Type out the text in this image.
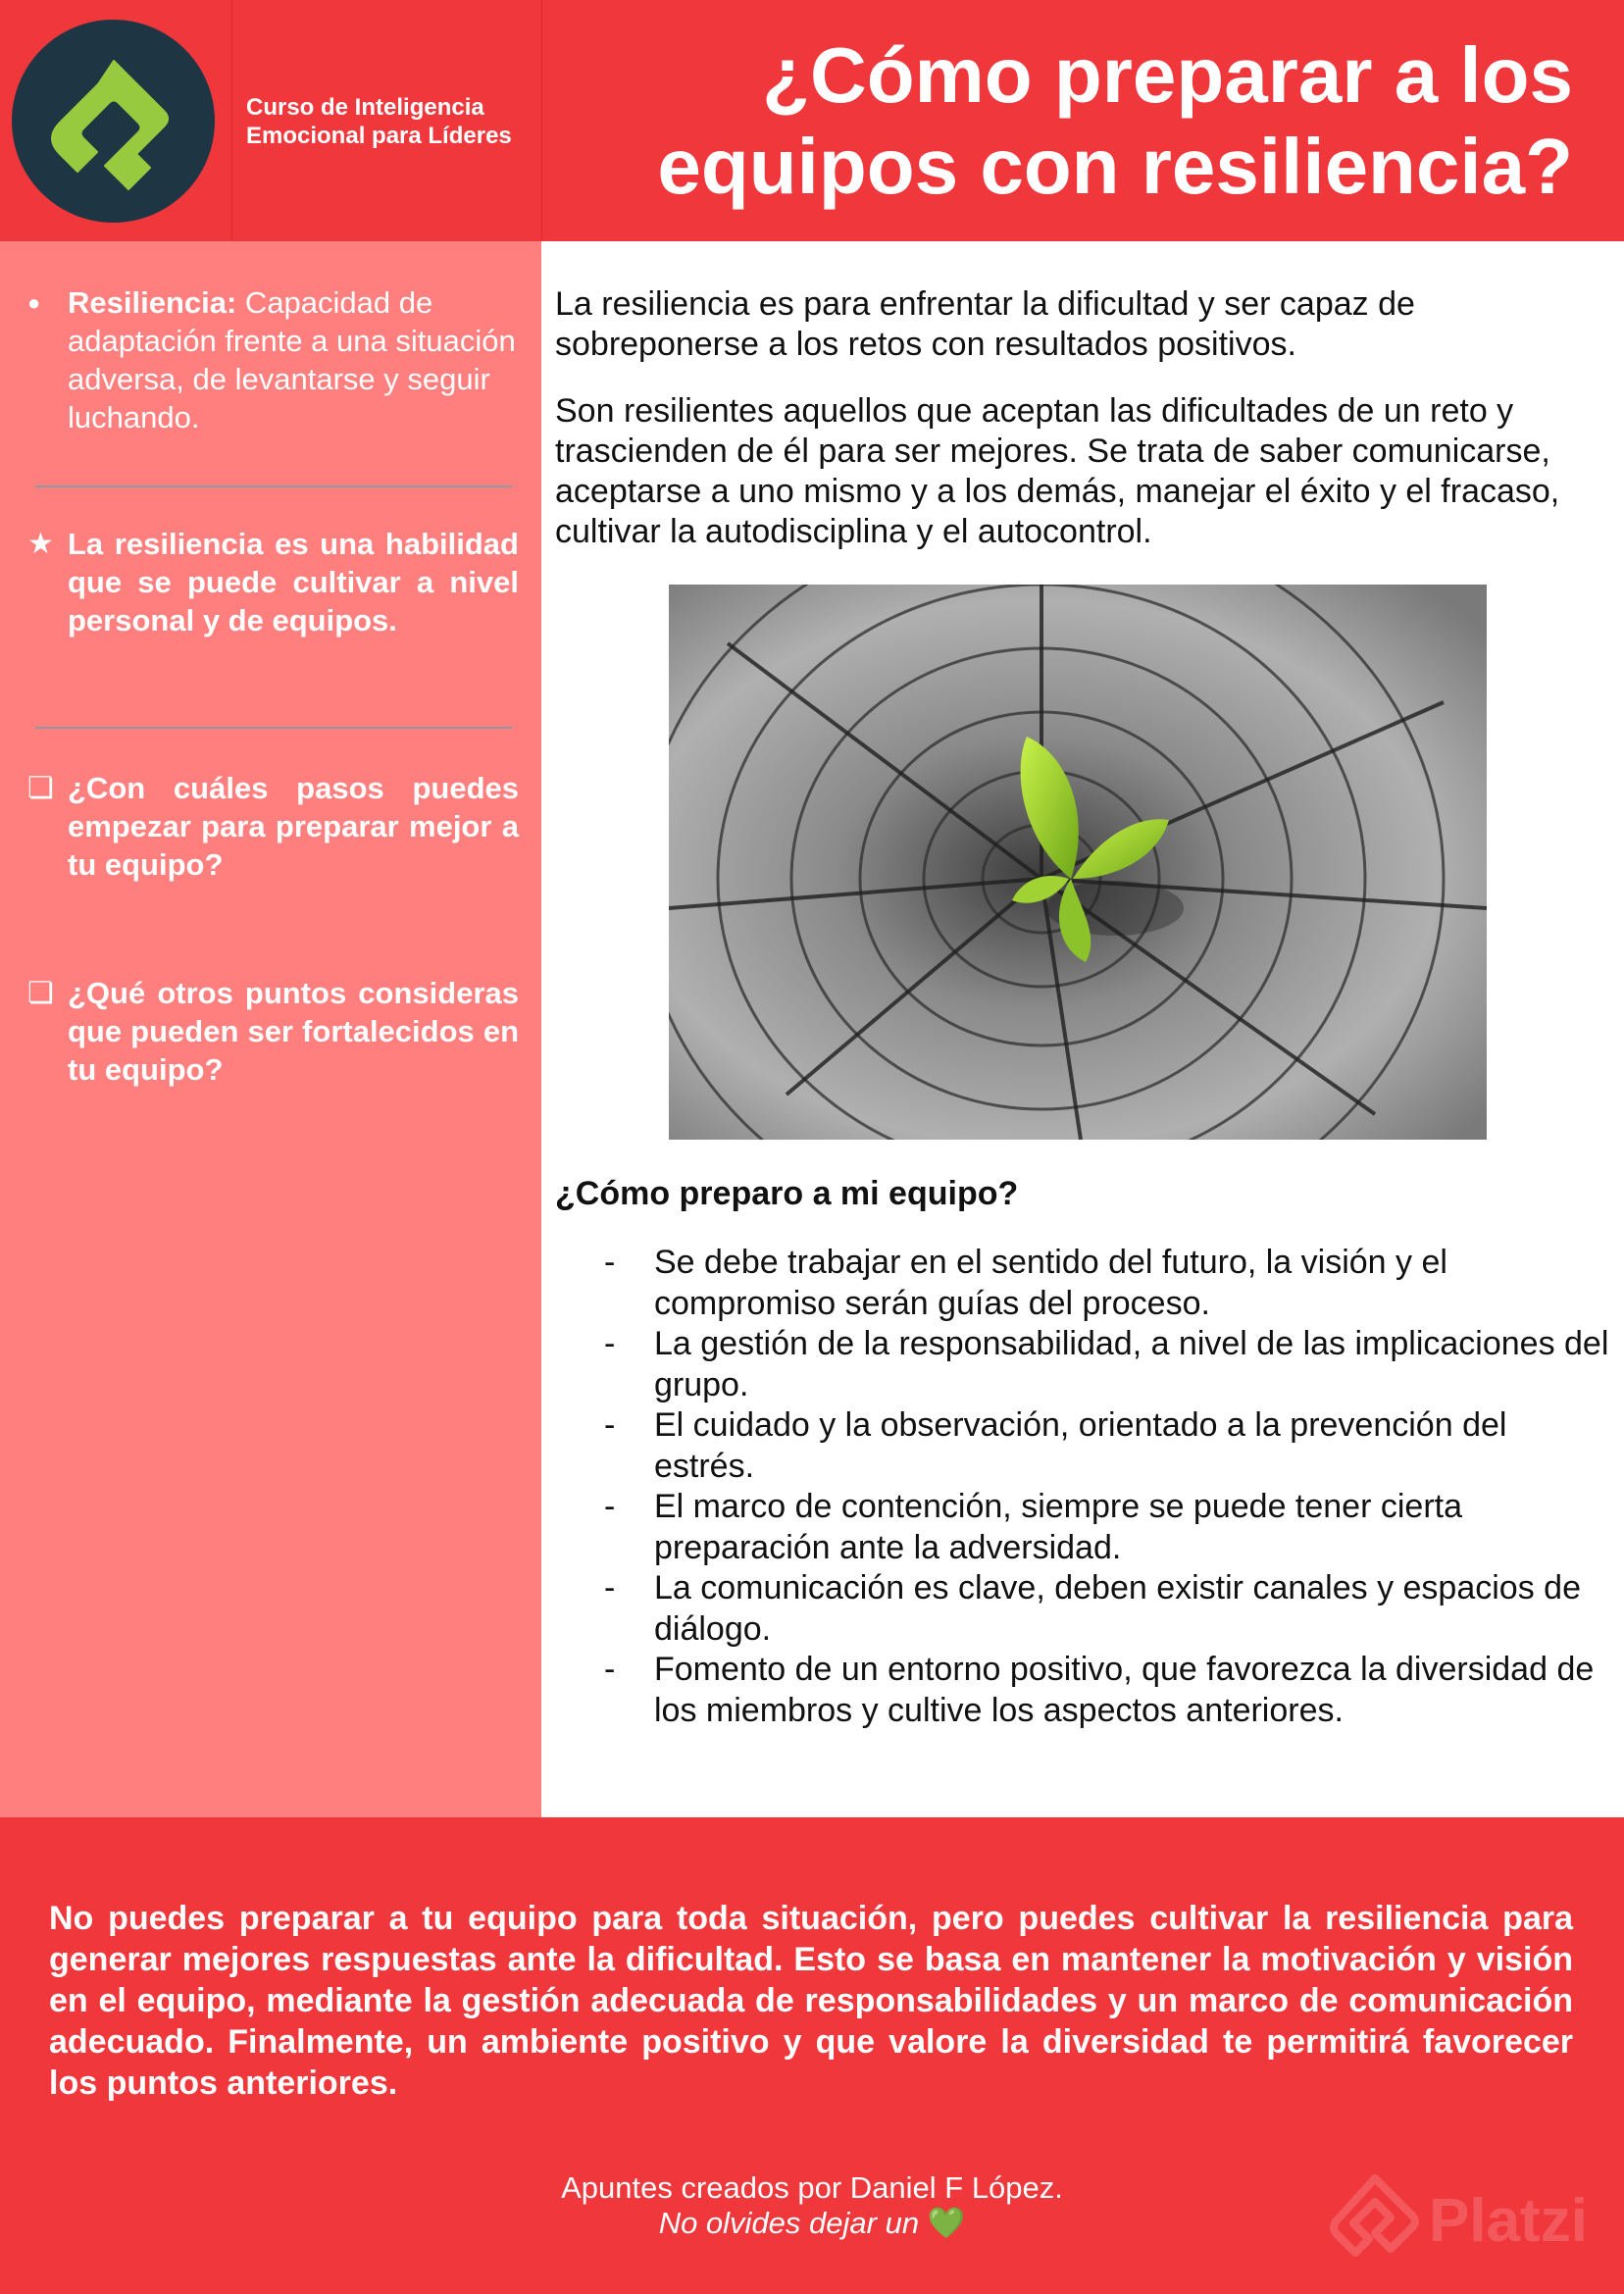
Curso de Inteligencia Emocional para Líderes
¿Cómo preparar a los equipos con resiliencia?
● Resiliencia: Capacidad de adaptación frente a una situación adversa, de levantarse y seguir luchando.
★ La resiliencia es una habilidad que se puede cultivar a nivel personal y de equipos.
❏ ¿Con cuáles pasos puedes empezar para preparar mejor a tu equipo?
❏ ¿Qué otros puntos consideras que pueden ser fortalecidos en tu equipo?

La resiliencia es para enfrentar la dificultad y ser capaz de sobreponerse a los retos con resultados positivos.

Son resilientes aquellos que aceptan las dificultades de un reto y trascienden de él para ser mejores. Se trata de saber comunicarse, aceptarse a uno mismo y a los demás, manejar el éxito y el fracaso, cultivar la autodisciplina y el autocontrol.

¿Cómo preparo a mi equipo?
- Se debe trabajar en el sentido del futuro, la visión y el compromiso serán guías del proceso.
- La gestión de la responsabilidad, a nivel de las implicaciones del grupo.
- El cuidado y la observación, orientado a la prevención del estrés.
- El marco de contención, siempre se puede tener cierta preparación ante la adversidad.
- La comunicación es clave, deben existir canales y espacios de diálogo.
- Fomento de un entorno positivo, que favorezca la diversidad de los miembros y cultive los aspectos anteriores.

No puedes preparar a tu equipo para toda situación, pero puedes cultivar la resiliencia para generar mejores respuestas ante la dificultad. Esto se basa en mantener la motivación y visión en el equipo, mediante la gestión adecuada de responsabilidades y un marco de comunicación adecuado. Finalmente, un ambiente positivo y que valore la diversidad te permitirá favorecer los puntos anteriores.

Apuntes creados por Daniel F López.
No olvides dejar un 💚	Platzi
